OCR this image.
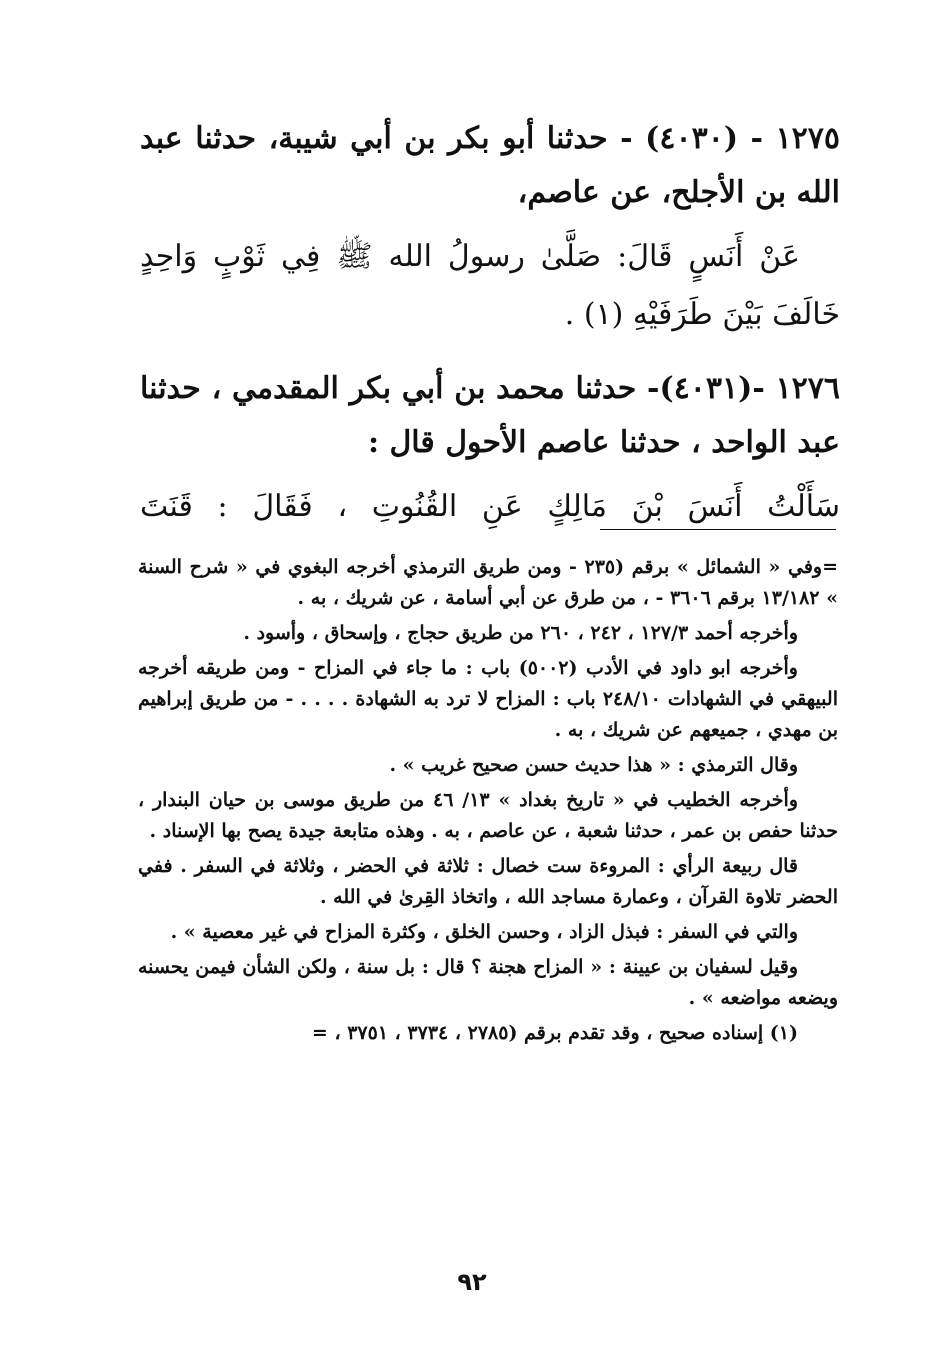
١٢٧٥ - (٤٠٣٠) - حدثنا أبو بكر بن أبي شيبة، حدثنا عبد الله بن الأجلح، عن عاصم،

عَنْ أَنَسٍ قَالَ: صَلَّىٰ رسولُ الله ﷺ فِي ثَوْبٍ وَاحِدٍ خَالَفَ بَيْنَ طَرَفَيْهِ (١) .

١٢٧٦ -(٤٠٣١)- حدثنا محمد بن أبي بكر المقدمي ، حدثنا عبد الواحد ، حدثنا عاصم الأحول قال :

سَأَلْتُ أَنَسَ بْنَ مَالِكٍ عَنِ القُنُوتِ ، فَقَالَ : قَنَتَ

=وفي « الشمائل » برقم (٢٣٥ - ومن طريق الترمذي أخرجه البغوي في « شرح السنة » ١٣/١٨٢ برقم ٣٦٠٦ - ، من طرق عن أبي أسامة ، عن شريك ، به .

وأخرجه أحمد ١٢٧/٣ ، ٢٤٢ ، ٢٦٠ من طريق حجاج ، وإسحاق ، وأسود .

وأخرجه ابو داود في الأدب (٥٠٠٢) باب : ما جاء في المزاح - ومن طريقه أخرجه البيهقي في الشهادات ٢٤٨/١٠ باب : المزاح لا ترد به الشهادة . . . . - من طريق إبراهيم بن مهدي ، جميعهم عن شريك ، به .

وقال الترمذي : « هذا حديث حسن صحيح غريب » .

وأخرجه الخطيب في « تاريخ بغداد » ١٣/ ٤٦ من طريق موسى بن حيان البندار ، حدثنا حفص بن عمر ، حدثنا شعبة ، عن عاصم ، به . وهذه متابعة جيدة يصح بها الإسناد .

قال ربيعة الرأي : المروءة ست خصال : ثلاثة في الحضر ، وثلاثة في السفر . ففي الحضر تلاوة القرآن ، وعمارة مساجد الله ، واتخاذ القِرىٰ في الله .

والتي في السفر : فبذل الزاد ، وحسن الخلق ، وكثرة المزاح في غير معصية » .

وقيل لسفيان بن عيينة : « المزاح هجنة ؟ قال : بل سنة ، ولكن الشأن فيمن يحسنه ويضعه مواضعه » .

(١) إسناده صحيح ، وقد تقدم برقم (٢٧٨٥ ، ٣٧٣٤ ، ٣٧٥١ ، =

٩٢
